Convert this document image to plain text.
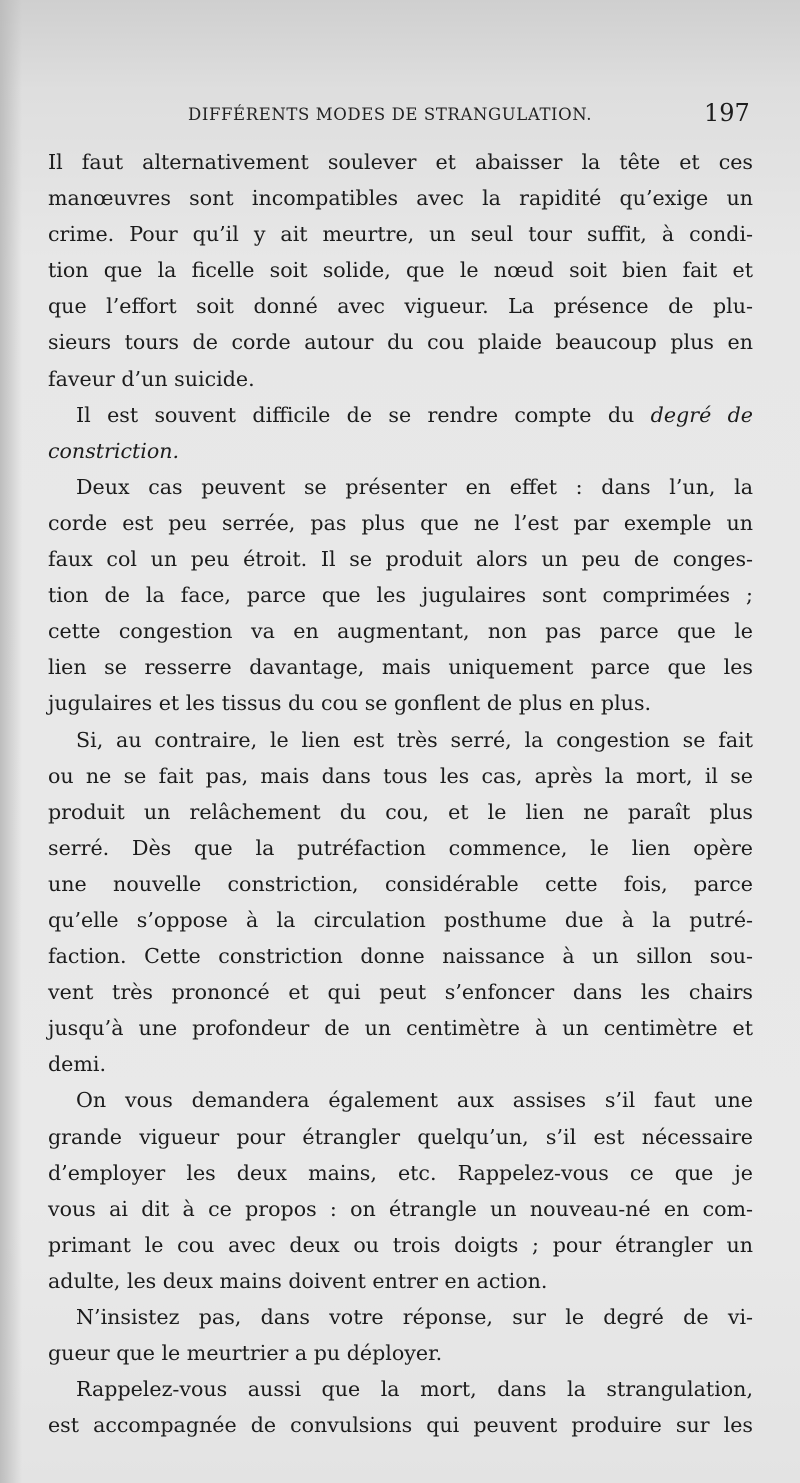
DIFFÉRENTS MODES DE STRANGULATION.	197
Il faut alternativement soulever et abaisser la tête et ces
manœuvres sont incompatibles avec la rapidité qu’exige un
crime. Pour qu’il y ait meurtre, un seul tour suffit, à condi-
tion que la ficelle soit solide, que le nœud soit bien fait et
que l’effort soit donné avec vigueur. La présence de plu-
sieurs tours de corde autour du cou plaide beaucoup plus en
faveur d’un suicide.
Il est souvent difficile de se rendre compte du degré de
constriction.
Deux cas peuvent se présenter en effet : dans l’un, la
corde est peu serrée, pas plus que ne l’est par exemple un
faux col un peu étroit. Il se produit alors un peu de conges-
tion de la face, parce que les jugulaires sont comprimées ;
cette congestion va en augmentant, non pas parce que le
lien se resserre davantage, mais uniquement parce que les
jugulaires et les tissus du cou se gonflent de plus en plus.
Si, au contraire, le lien est très serré, la congestion se fait
ou ne se fait pas, mais dans tous les cas, après la mort, il se
produit un relâchement du cou, et le lien ne paraît plus
serré. Dès que la putréfaction commence, le lien opère
une nouvelle constriction, considérable cette fois, parce
qu’elle s’oppose à la circulation posthume due à la putré-
faction. Cette constriction donne naissance à un sillon sou-
vent très prononcé et qui peut s’enfoncer dans les chairs
jusqu’à une profondeur de un centimètre à un centimètre et
demi.
On vous demandera également aux assises s’il faut une
grande vigueur pour étrangler quelqu’un, s’il est nécessaire
d’employer les deux mains, etc. Rappelez-vous ce que je
vous ai dit à ce propos : on étrangle un nouveau-né en com-
primant le cou avec deux ou trois doigts ; pour étrangler un
adulte, les deux mains doivent entrer en action.
N’insistez pas, dans votre réponse, sur le degré de vi-
gueur que le meurtrier a pu déployer.
Rappelez-vous aussi que la mort, dans la strangulation,
est accompagnée de convulsions qui peuvent produire sur les
